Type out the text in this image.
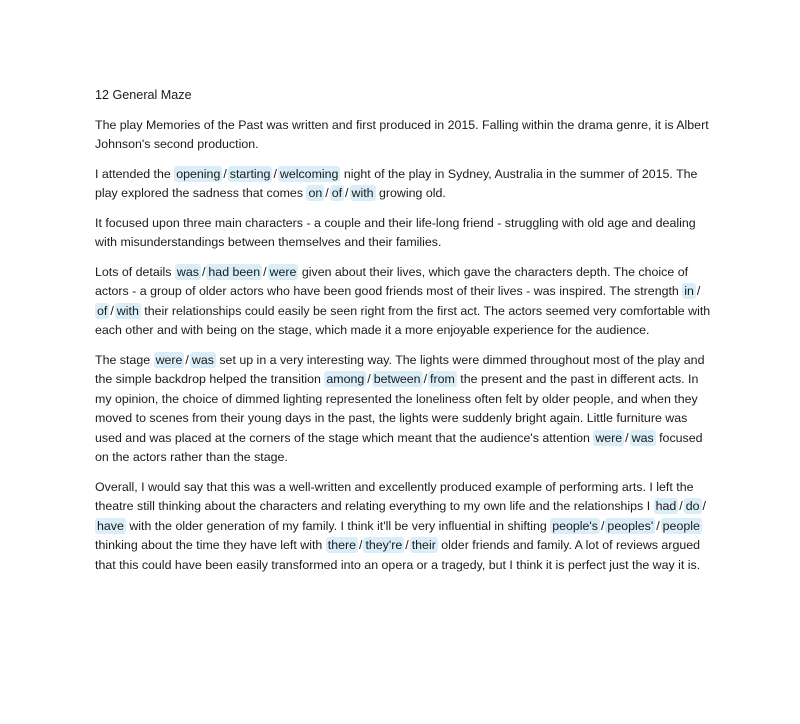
12 General Maze

The play Memories of the Past was written and first produced in 2015. Falling within the drama genre, it is Albert Johnson's second production.

I attended the opening / starting / welcoming night of the play in Sydney, Australia in the summer of 2015. The play explored the sadness that comes on / of / with growing old.

It focused upon three main characters - a couple and their life-long friend - struggling with old age and dealing with misunderstandings between themselves and their families.

Lots of details was / had been / were given about their lives, which gave the characters depth. The choice of actors - a group of older actors who have been good friends most of their lives - was inspired. The strength in /of / with their relationships could easily be seen right from the first act. The actors seemed very comfortable with each other and with being on the stage, which made it a more enjoyable experience for the audience.

The stage were / was set up in a very interesting way. The lights were dimmed throughout most of the play and the simple backdrop helped the transition among / between / from the present and the past in different acts. In my opinion, the choice of dimmed lighting represented the loneliness often felt by older people, and when they moved to scenes from their young days in the past, the lights were suddenly bright again. Little furniture was used and was placed at the corners of the stage which meant that the audience's attention were / was focused on the actors rather than the stage.

Overall, I would say that this was a well-written and excellently produced example of performing arts. I left the theatre still thinking about the characters and relating everything to my own life and the relationships I had / do /have with the older generation of my family. I think it'll be very influential in shifting people's / peoples' / people thinking about the time they have left with there / they're / their older friends and family. A lot of reviews argued that this could have been easily transformed into an opera or a tragedy, but I think it is perfect just the way it is.
